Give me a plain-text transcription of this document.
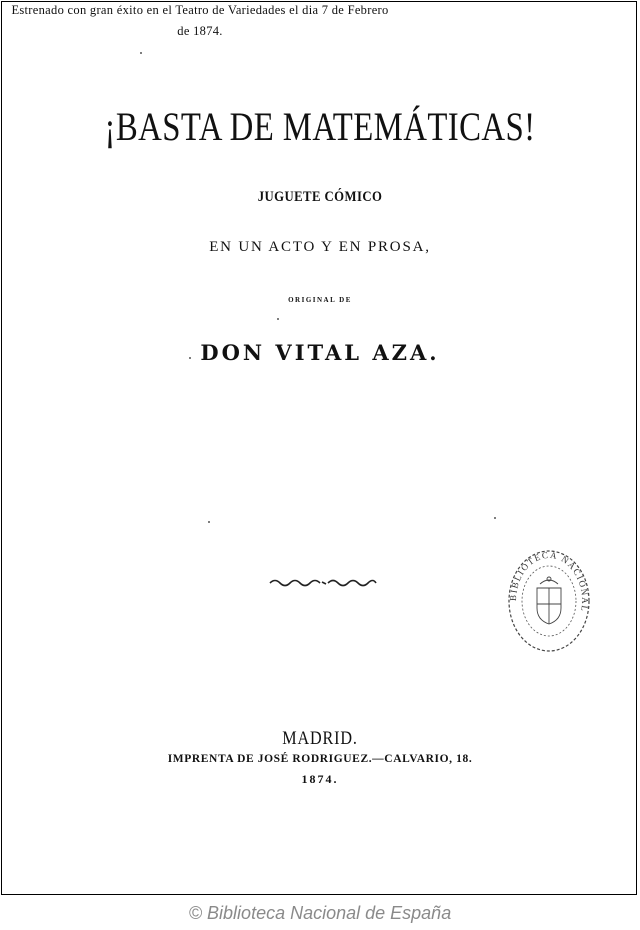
¡BASTA DE MATEMÁTICAS!
JUGUETE CÓMICO
EN UN ACTO Y EN PROSA,
ORIGINAL DE
DON VITAL AZA.
Estrenado con gran éxito en el Teatro de Variedades el dia 7 de Febrero
de 1874.
BIBLIOTECA NACIONAL
MADRID.
IMPRENTA DE JOSÉ RODRIGUEZ.—CALVARIO, 18.
1874.
© Biblioteca Nacional de España
